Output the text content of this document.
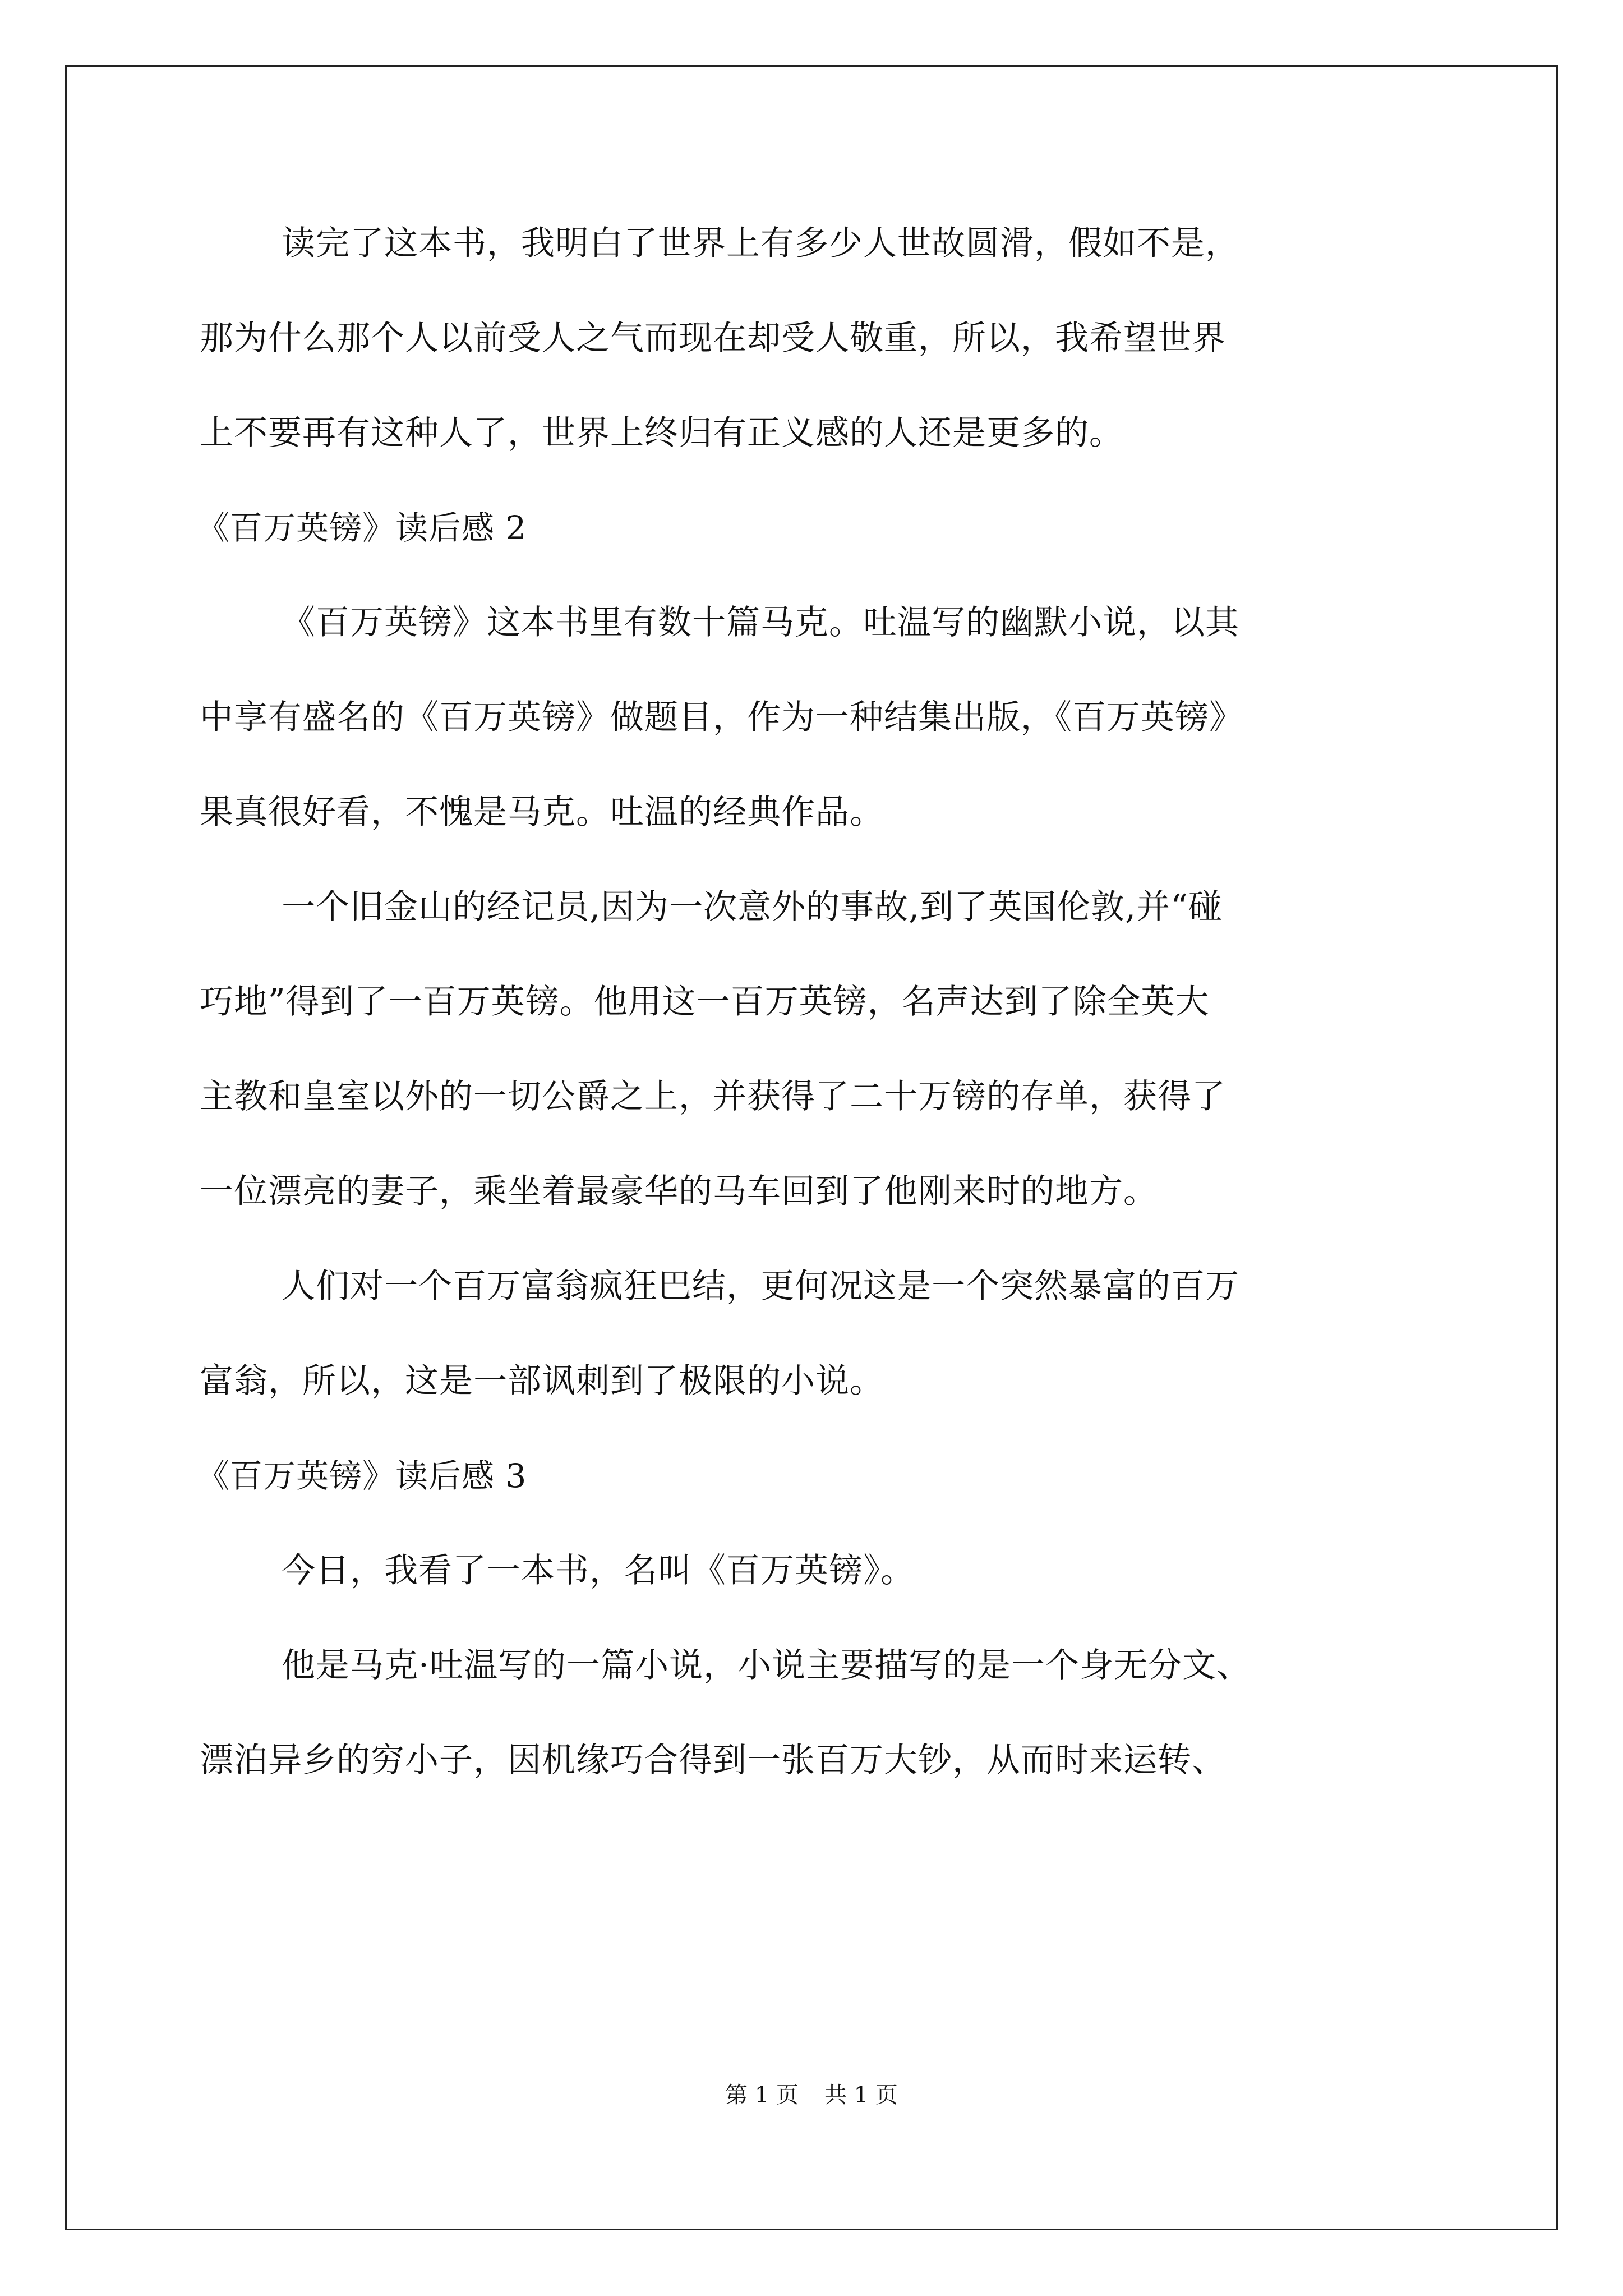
读完了这本书，我明白了世界上有多少人世故圆滑，假如不是，
那为什么那个人以前受人之气而现在却受人敬重，所以，我希望世界
上不要再有这种人了，世界上终归有正义感的人还是更多的。
《百万英镑》读后感 2
《百万英镑》这本书里有数十篇马克。吐温写的幽默小说，以其
中享有盛名的《百万英镑》做题目，作为一种结集出版，《百万英镑》
果真很好看，不愧是马克。吐温的经典作品。
一个旧金山的经记员,因为一次意外的事故,到了英国伦敦,并“碰
巧地”得到了一百万英镑。他用这一百万英镑，名声达到了除全英大
主教和皇室以外的一切公爵之上，并获得了二十万镑的存单，获得了
一位漂亮的妻子，乘坐着最豪华的马车回到了他刚来时的地方。
人们对一个百万富翁疯狂巴结，更何况这是一个突然暴富的百万
富翁，所以，这是一部讽刺到了极限的小说。
《百万英镑》读后感 3
今日，我看了一本书，名叫《百万英镑》。
他是马克·吐温写的一篇小说，小说主要描写的是一个身无分文、
漂泊异乡的穷小子，因机缘巧合得到一张百万大钞，从而时来运转、
第 1 页 共 1 页
